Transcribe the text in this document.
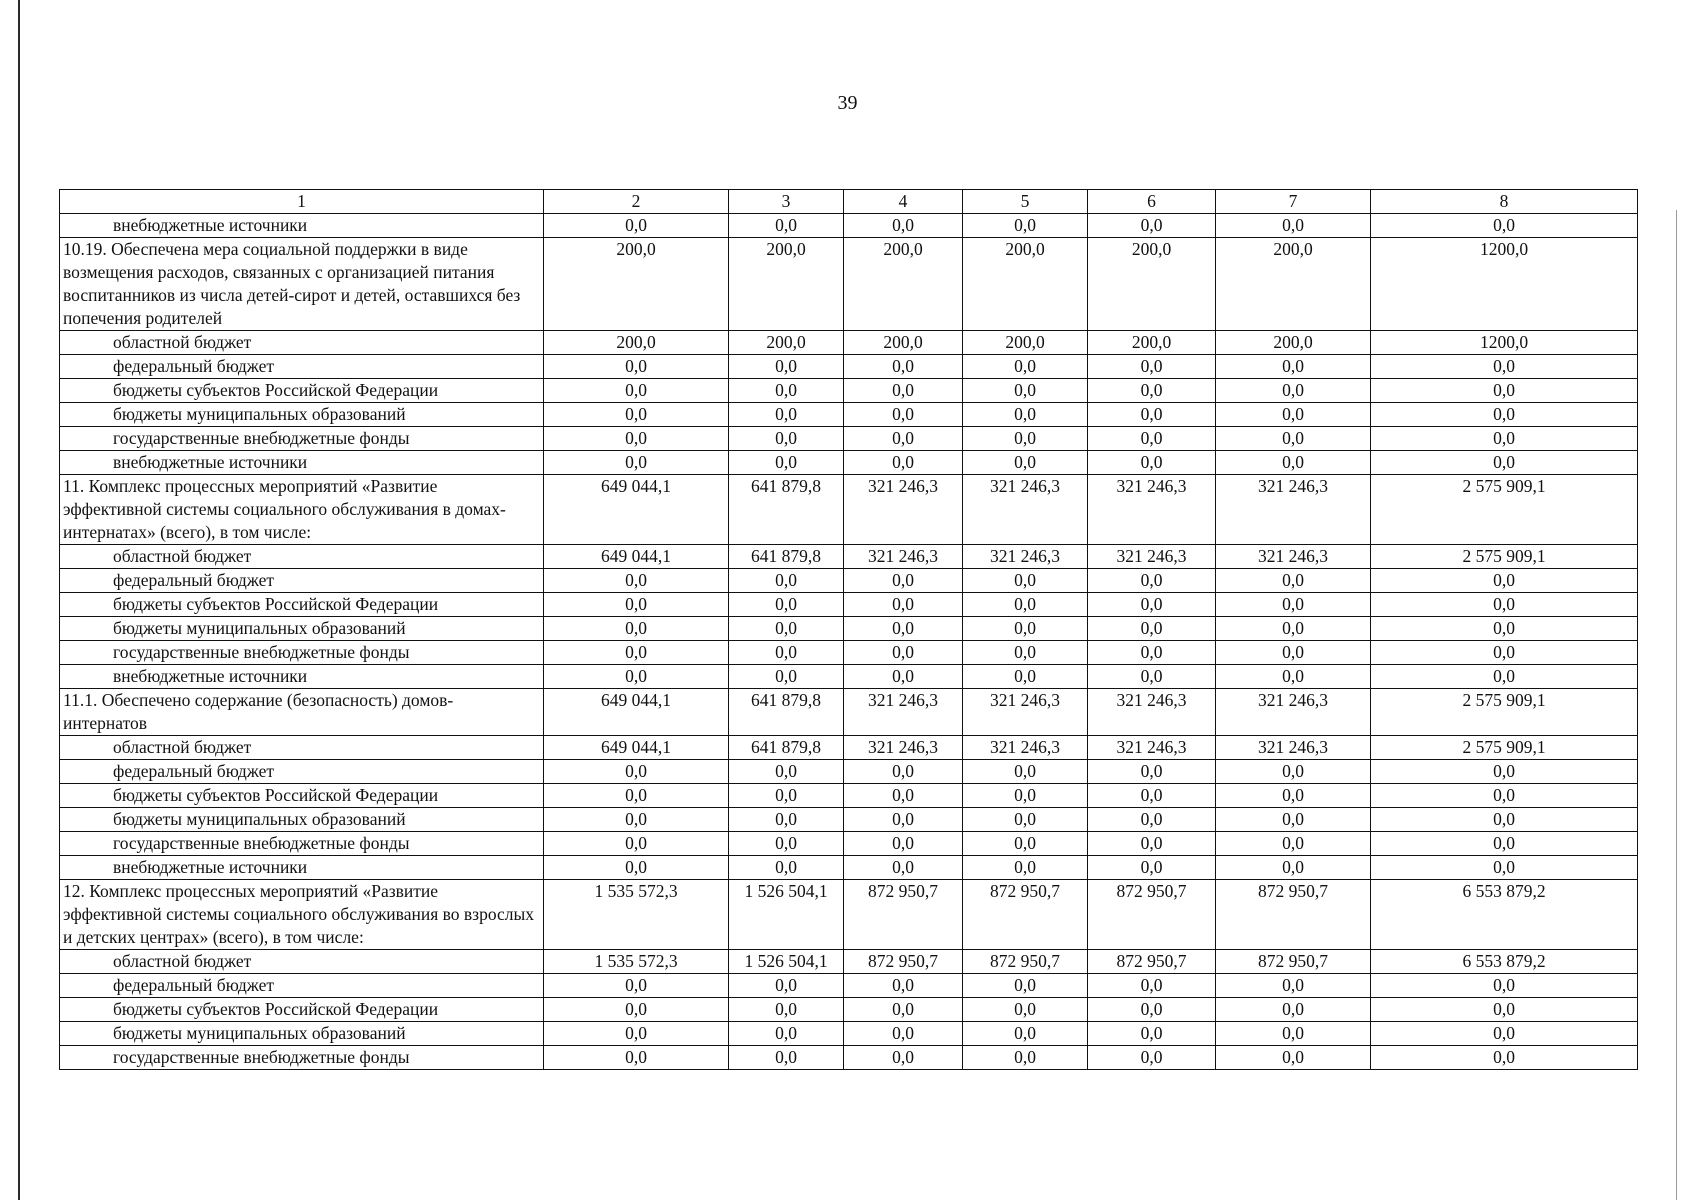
39
1	2	3	4	5	6	7	8
внебюджетные источники	0,0	0,0	0,0	0,0	0,0	0,0	0,0
10.19. Обеспечена мера социальной поддержки в виде возмещения расходов, связанных с организацией питания воспитанников из числа детей-сирот и детей, оставшихся без попечения родителей	200,0	200,0	200,0	200,0	200,0	200,0	1200,0
областной бюджет	200,0	200,0	200,0	200,0	200,0	200,0	1200,0
федеральный бюджет	0,0	0,0	0,0	0,0	0,0	0,0	0,0
бюджеты субъектов Российской Федерации	0,0	0,0	0,0	0,0	0,0	0,0	0,0
бюджеты муниципальных образований	0,0	0,0	0,0	0,0	0,0	0,0	0,0
государственные внебюджетные фонды	0,0	0,0	0,0	0,0	0,0	0,0	0,0
внебюджетные источники	0,0	0,0	0,0	0,0	0,0	0,0	0,0
11. Комплекс процессных мероприятий «Развитие эффективной системы социального обслуживания в домах-интернатах» (всего), в том числе:	649 044,1	641 879,8	321 246,3	321 246,3	321 246,3	321 246,3	2 575 909,1
областной бюджет	649 044,1	641 879,8	321 246,3	321 246,3	321 246,3	321 246,3	2 575 909,1
федеральный бюджет	0,0	0,0	0,0	0,0	0,0	0,0	0,0
бюджеты субъектов Российской Федерации	0,0	0,0	0,0	0,0	0,0	0,0	0,0
бюджеты муниципальных образований	0,0	0,0	0,0	0,0	0,0	0,0	0,0
государственные внебюджетные фонды	0,0	0,0	0,0	0,0	0,0	0,0	0,0
внебюджетные источники	0,0	0,0	0,0	0,0	0,0	0,0	0,0
11.1. Обеспечено содержание (безопасность) домов-интернатов	649 044,1	641 879,8	321 246,3	321 246,3	321 246,3	321 246,3	2 575 909,1
областной бюджет	649 044,1	641 879,8	321 246,3	321 246,3	321 246,3	321 246,3	2 575 909,1
федеральный бюджет	0,0	0,0	0,0	0,0	0,0	0,0	0,0
бюджеты субъектов Российской Федерации	0,0	0,0	0,0	0,0	0,0	0,0	0,0
бюджеты муниципальных образований	0,0	0,0	0,0	0,0	0,0	0,0	0,0
государственные внебюджетные фонды	0,0	0,0	0,0	0,0	0,0	0,0	0,0
внебюджетные источники	0,0	0,0	0,0	0,0	0,0	0,0	0,0
12. Комплекс процессных мероприятий «Развитие эффективной системы социального обслуживания во взрослых и детских центрах» (всего), в том числе:	1 535 572,3	1 526 504,1	872 950,7	872 950,7	872 950,7	872 950,7	6 553 879,2
областной бюджет	1 535 572,3	1 526 504,1	872 950,7	872 950,7	872 950,7	872 950,7	6 553 879,2
федеральный бюджет	0,0	0,0	0,0	0,0	0,0	0,0	0,0
бюджеты субъектов Российской Федерации	0,0	0,0	0,0	0,0	0,0	0,0	0,0
бюджеты муниципальных образований	0,0	0,0	0,0	0,0	0,0	0,0	0,0
государственные внебюджетные фонды	0,0	0,0	0,0	0,0	0,0	0,0	0,0
